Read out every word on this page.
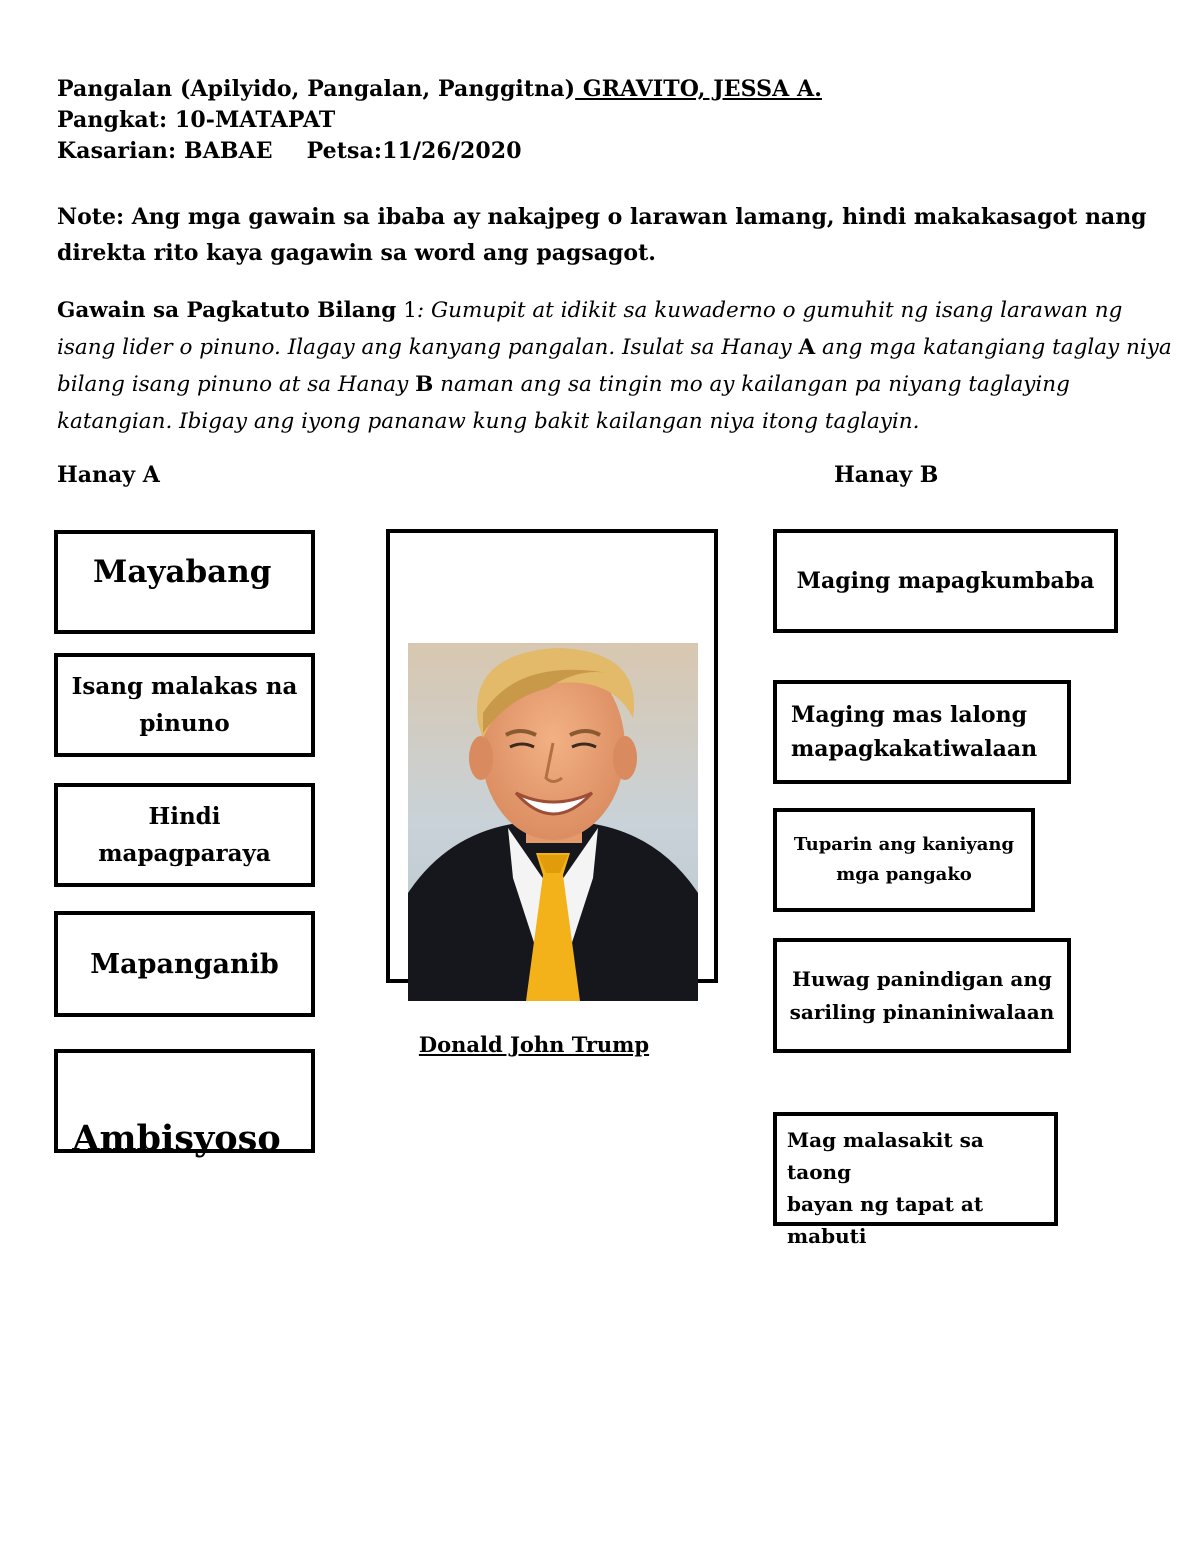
Pangalan (Apilyido, Pangalan, Panggitna) GRAVITO, JESSA A.
Pangkat: 10-MATAPAT
Kasarian: BABAE Petsa:11/26/2020
Note: Ang mga gawain sa ibaba ay nakajpeg o larawan lamang, hindi makakasagot nang direkta rito kaya gagawin sa word ang pagsagot.
Gawain sa Pagkatuto Bilang 1: Gumupit at idikit sa kuwaderno o gumuhit ng isang larawan ng isang lider o pinuno. Ilagay ang kanyang pangalan. Isulat sa Hanay A ang mga katangiang taglay niya bilang isang pinuno at sa Hanay B naman ang sa tingin mo ay kailangan pa niyang taglaying katangian. Ibigay ang iyong pananaw kung bakit kailangan niya itong taglayin.
Hanay A	Hanay B
Mayabang
Isang malakas na
pinuno
Hindi
mapagparaya
Mapanganib
Ambisyoso
Donald John Trump
Maging mapagkumbaba
Maging mas lalong
mapagkakatiwalaan
Tuparin ang kaniyang
mga pangako
Huwag panindigan ang
sariling pinaniniwalaan
Mag malasakit sa taong
bayan ng tapat at
mabuti
